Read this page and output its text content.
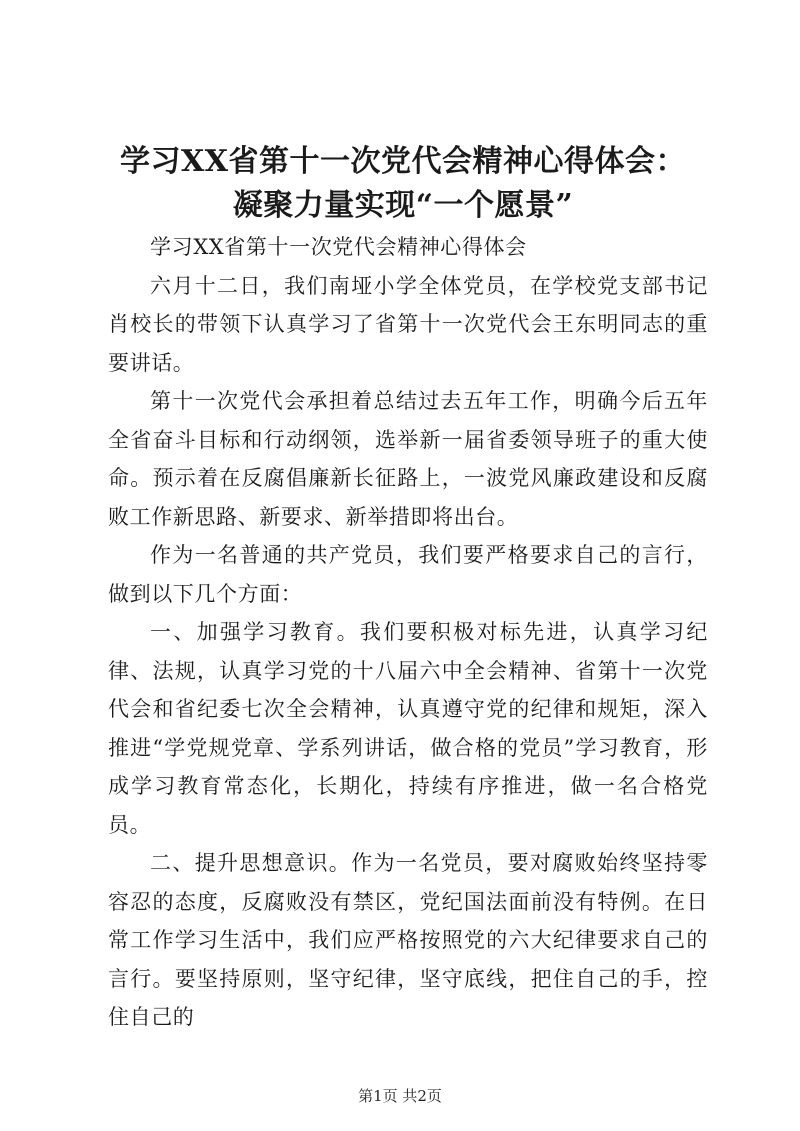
学习XX省第十一次党代会精神心得体会：凝聚力量实现“一个愿景”

学习XX省第十一次党代会精神心得体会

六月十二日，我们南垭小学全体党员，在学校党支部书记肖校长的带领下认真学习了省第十一次党代会王东明同志的重要讲话。

第十一次党代会承担着总结过去五年工作，明确今后五年全省奋斗目标和行动纲领，选举新一届省委领导班子的重大使命。预示着在反腐倡廉新长征路上，一波党风廉政建设和反腐败工作新思路、新要求、新举措即将出台。

作为一名普通的共产党员，我们要严格要求自己的言行，做到以下几个方面：

一、加强学习教育。我们要积极对标先进，认真学习纪律、法规，认真学习党的十八届六中全会精神、省第十一次党代会和省纪委七次全会精神，认真遵守党的纪律和规矩，深入推进“学党规党章、学系列讲话，做合格的党员”学习教育，形成学习教育常态化，长期化，持续有序推进，做一名合格党员。

二、提升思想意识。作为一名党员，要对腐败始终坚持零容忍的态度，反腐败没有禁区，党纪国法面前没有特例。在日常工作学习生活中，我们应严格按照党的六大纪律要求自己的言行。要坚持原则，坚守纪律，坚守底线，把住自己的手，控住自己的

第1页 共2页
